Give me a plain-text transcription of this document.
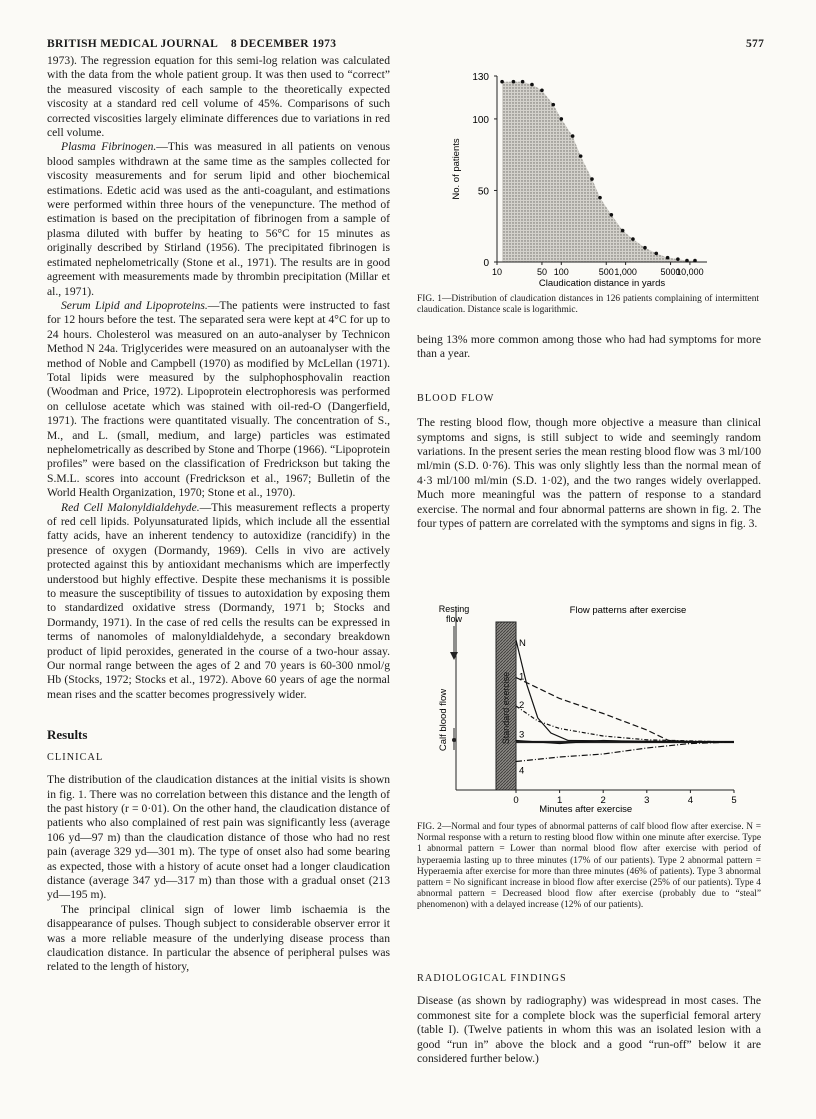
BRITISH MEDICAL JOURNAL 8 DECEMBER 1973	577

1973). The regression equation for this semi-log relation was calculated with the data from the whole patient group. It was then used to “correct” the measured viscosity of each sample to the theoretically expected viscosity at a standard red cell volume of 45%. Comparisons of such corrected viscosities largely eliminate differences due to variations in red cell volume.

Plasma Fibrinogen.—This was measured in all patients on venous blood samples withdrawn at the same time as the samples collected for viscosity measurements and for serum lipid and other biochemical estimations. Edetic acid was used as the anti-coagulant, and estimations were performed within three hours of the venepuncture. The method of estimation is based on the precipitation of fibrinogen from a sample of plasma diluted with buffer by heating to 56°C for 15 minutes as originally described by Stirland (1956). The precipitated fibrinogen is estimated nephelometrically (Stone et al., 1971). The results are in good agreement with measurements made by thrombin precipitation (Millar et al., 1971).

Serum Lipid and Lipoproteins.—The patients were instructed to fast for 12 hours before the test. The separated sera were kept at 4°C for up to 24 hours. Cholesterol was measured on an auto-analyser by Technicon Method N 24a. Triglycerides were measured on an autoanalyser with the method of Noble and Campbell (1970) as modified by McLellan (1971). Total lipids were measured by the sulphophosphovalin reaction (Woodman and Price, 1972). Lipoprotein electrophoresis was performed on cellulose acetate which was stained with oil-red-O (Dangerfield, 1971). The fractions were quantitated visually. The concentration of S., M., and L. (small, medium, and large) particles was estimated nephelometrically as described by Stone and Thorpe (1966). “Lipoprotein profiles” were based on the classification of Fredrickson but taking the S.M.L. scores into account (Fredrickson et al., 1967; Bulletin of the World Health Organization, 1970; Stone et al., 1970).

Red Cell Malonyldialdehyde.—This measurement reflects a property of red cell lipids. Polyunsaturated lipids, which include all the essential fatty acids, have an inherent tendency to autoxidize (rancidify) in the presence of oxygen (Dormandy, 1969). Cells in vivo are actively protected against this by antioxidant mechanisms which are imperfectly understood but highly effective. Despite these mechanisms it is possible to measure the susceptibility of tissues to autoxidation by exposing them to standardized oxidative stress (Dormandy, 1971 b; Stocks and Dormandy, 1971). In the case of red cells the results can be expressed in terms of nanomoles of malonyldialdehyde, a secondary breakdown product of lipid peroxides, generated in the course of a two-hour assay. Our normal range between the ages of 2 and 70 years is 60-300 nmol/g Hb (Stocks, 1972; Stocks et al., 1972). Above 60 years of age the normal mean rises and the scatter becomes progressively wider.

Results

CLINICAL

The distribution of the claudication distances at the initial visits is shown in fig. 1. There was no correlation between this distance and the length of the past history (r = 0·01). On the other hand, the claudication distance of patients who also complained of rest pain was significantly less (average 106 yd—97 m) than the claudication distance of those who had no rest pain (average 329 yd—301 m). The type of onset also had some bearing as expected, those with a history of acute onset had a longer claudication distance (average 347 yd—317 m) than those with a gradual onset (213 yd—195 m).

The principal clinical sign of lower limb ischaemia is the disappearance of pulses. Though subject to considerable observer error it was a more reliable measure of the underlying disease process than claudication distance. In particular the absence of peripheral pulses was related to the length of history,

0
50
100
130
10	50 100	500 1,000	5000
10,000
Claudication distance in yards
No. of patients
FIG. 1—Distribution of claudication distances in 126 patients complaining of intermittent claudication. Distance scale is logarithmic.

being 13% more common among those who had had symptoms for more than a year.

BLOOD FLOW

The resting blood flow, though more objective a measure than clinical symptoms and signs, is still subject to wide and seemingly random variations. In the present series the mean resting blood flow was 3 ml/100 ml/min (S.D. 0·76). This was only slightly less than the normal mean of 4·3 ml/100 ml/min (S.D. 1·02), and the two ranges widely overlapped. Much more meaningful was the pattern of response to a standard exercise. The normal and four abnormal patterns are shown in fig. 2. The four types of pattern are correlated with the symptoms and signs in fig. 3.

0	1	2	3	4	5
Minutes after exercise
Calf blood flow
Flow patterns after exercise
Resting
flow
Standard exercise
N
1
2
3
4
FIG. 2—Normal and four types of abnormal patterns of calf blood flow after exercise. N = Normal response with a return to resting blood flow within one minute after exercise. Type 1 abnormal pattern = Lower than normal blood flow after exercise with period of hyperaemia lasting up to three minutes (17% of our patients). Type 2 abnormal pattern = Hyperaemia after exercise for more than three minutes (46% of patients). Type 3 abnormal pattern = No significant increase in blood flow after exercise (25% of our patients). Type 4 abnormal pattern = Decreased blood flow after exercise (probably due to “steal” phenomenon) with a delayed increase (12% of our patients).

RADIOLOGICAL FINDINGS

Disease (as shown by radiography) was widespread in most cases. The commonest site for a complete block was the superficial femoral artery (table I). (Twelve patients in whom this was an isolated lesion with a good “run in” above the block and a good “run-off” below it are considered further below.)
